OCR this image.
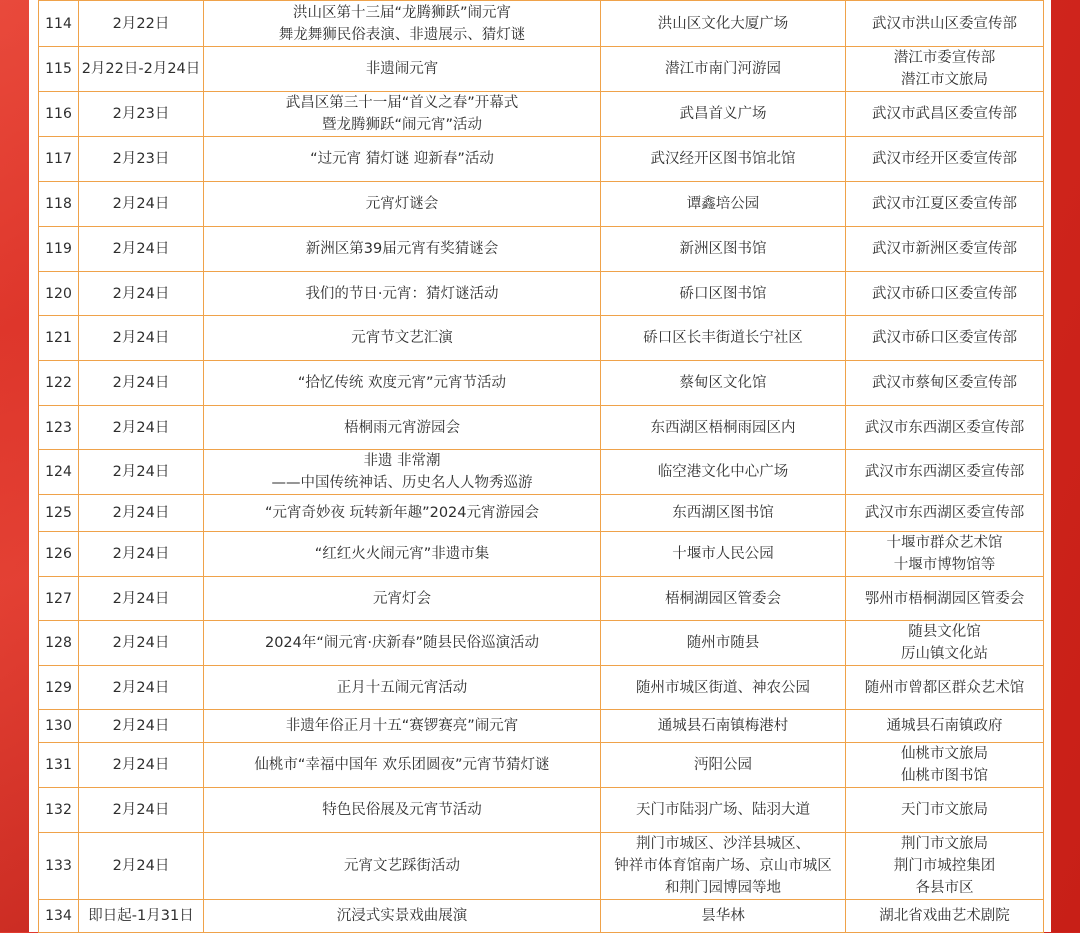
114	2月22日	洪山区第十三届“龙腾狮跃”闹元宵
舞龙舞狮民俗表演、非遗展示、猜灯谜	洪山区文化大厦广场	武汉市洪山区委宣传部

115	2月22日-2月24日	非遗闹元宵	潜江市南门河游园	潜江市委宣传部
潜江市文旅局

116	2月23日	武昌区第三十一届“首义之春”开幕式
暨龙腾狮跃“闹元宵”活动	武昌首义广场	武汉市武昌区委宣传部

117	2月23日	“过元宵 猜灯谜 迎新春”活动	武汉经开区图书馆北馆	武汉市经开区委宣传部

118	2月24日	元宵灯谜会	谭鑫培公园	武汉市江夏区委宣传部

119	2月24日	新洲区第39届元宵有奖猜谜会	新洲区图书馆	武汉市新洲区委宣传部

120	2月24日	我们的节日·元宵：猜灯谜活动	硚口区图书馆	武汉市硚口区委宣传部

121	2月24日	元宵节文艺汇演	硚口区长丰街道长宁社区	武汉市硚口区委宣传部

122	2月24日	“拾忆传统 欢度元宵”元宵节活动	蔡甸区文化馆	武汉市蔡甸区委宣传部

123	2月24日	梧桐雨元宵游园会	东西湖区梧桐雨园区内	武汉市东西湖区委宣传部

124	2月24日	非遗 非常潮
——中国传统神话、历史名人人物秀巡游	临空港文化中心广场	武汉市东西湖区委宣传部

125	2月24日	“元宵奇妙夜 玩转新年趣”2024元宵游园会	东西湖区图书馆	武汉市东西湖区委宣传部

126	2月24日	“红红火火闹元宵”非遗市集	十堰市人民公园	十堰市群众艺术馆
十堰市博物馆等

127	2月24日	元宵灯会	梧桐湖园区管委会	鄂州市梧桐湖园区管委会

128	2月24日	2024年“闹元宵·庆新春”随县民俗巡演活动	随州市随县	随县文化馆
厉山镇文化站

129	2月24日	正月十五闹元宵活动	随州市城区街道、神农公园	随州市曾都区群众艺术馆

130	2月24日	非遗年俗正月十五“赛锣赛亮”闹元宵	通城县石南镇梅港村	通城县石南镇政府

131	2月24日	仙桃市“幸福中国年 欢乐团圆夜”元宵节猜灯谜	沔阳公园	仙桃市文旅局
仙桃市图书馆

132	2月24日	特色民俗展及元宵节活动	天门市陆羽广场、陆羽大道	天门市文旅局

133	2月24日	元宵文艺踩街活动	荆门市城区、沙洋县城区、
钟祥市体育馆南广场、京山市城区
和荆门园博园等地	荆门市文旅局
荆门市城控集团
各县市区

134	即日起-1月31日	沉浸式实景戏曲展演	昙华林	湖北省戏曲艺术剧院
